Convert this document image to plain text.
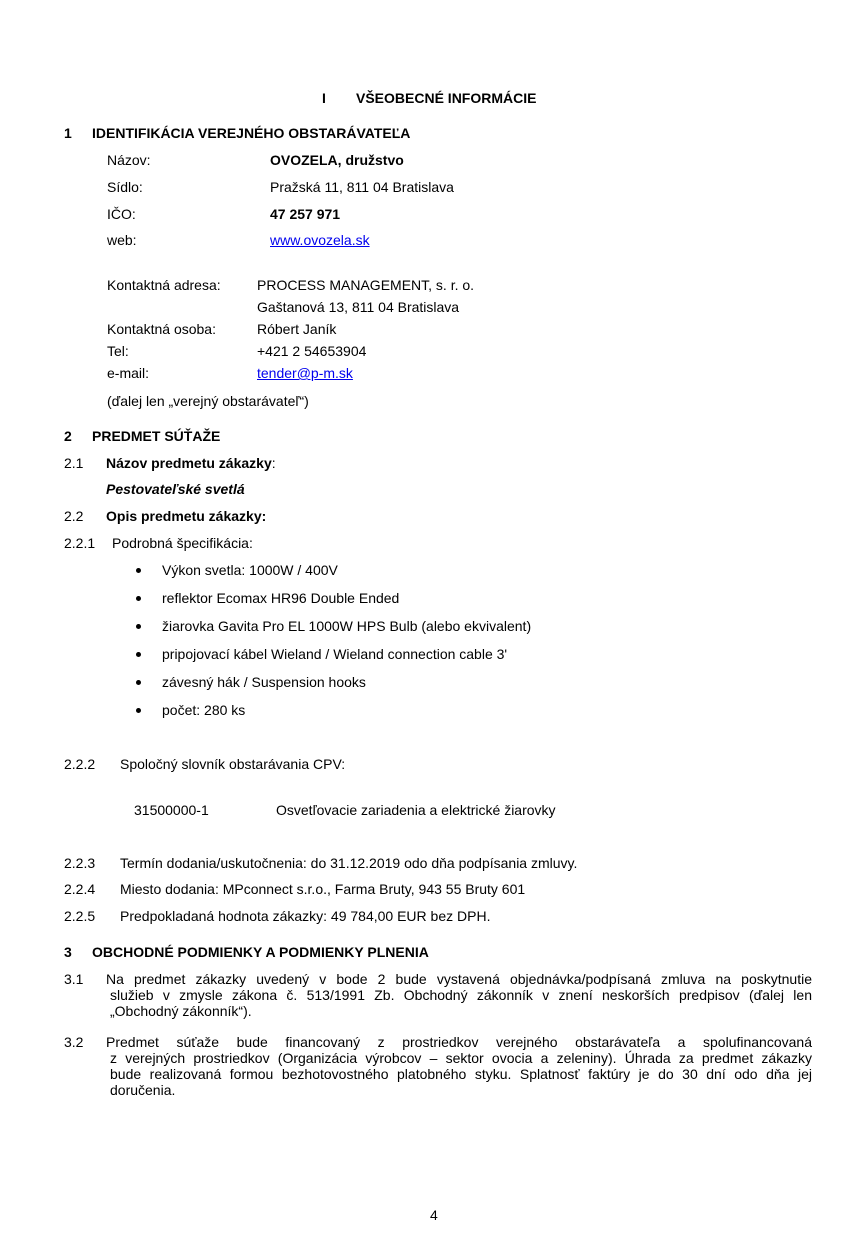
I VŠEOBECNÉ INFORMÁCIE
1 IDENTIFIKÁCIA VEREJNÉHO OBSTARÁVATEĽA
Názov:	OVOZELA, družstvo
Sídlo:	Pražská 11, 811 04 Bratislava
IČO:	47 257 971
web:	www.ovozela.sk
Kontaktná adresa:	PROCESS MANAGEMENT, s. r. o.
Gaštanová 13, 811 04 Bratislava
Kontaktná osoba:	Róbert Janík
Tel:	+421 2 54653904
e-mail:	tender@p-m.sk
(ďalej len „verejný obstarávateľ“)
2 PREDMET SÚŤAŽE
2.1 Názov predmetu zákazky:
Pestovateľské svetlá
2.2 Opis predmetu zákazky:
2.2.1 Podrobná špecifikácia:
Výkon svetla: 1000W / 400V
reflektor Ecomax HR96 Double Ended
žiarovka Gavita Pro EL 1000W HPS Bulb (alebo ekvivalent)
pripojovací kábel Wieland / Wieland connection cable 3'
závesný hák / Suspension hooks
počet: 280 ks
2.2.2 Spoločný slovník obstarávania CPV:
31500000-1	Osvetľovacie zariadenia a elektrické žiarovky
2.2.3 Termín dodania/uskutočnenia: do 31.12.2019 odo dňa podpísania zmluvy.
2.2.4 Miesto dodania: MPconnect s.r.o., Farma Bruty, 943 55 Bruty 601
2.2.5 Predpokladaná hodnota zákazky: 49 784,00 EUR bez DPH.
3 OBCHODNÉ PODMIENKY A PODMIENKY PLNENIA
3.1 Na predmet zákazky uvedený v bode 2 bude vystavená objednávka/podpísaná zmluva na poskytnutie
služieb v zmysle zákona č. 513/1991 Zb. Obchodný zákonník v znení neskorších predpisov (ďalej len
„Obchodný zákonník“).
3.2 Predmet súťaže bude financovaný z prostriedkov verejného obstarávateľa a spolufinancovaná
z verejných prostriedkov (Organizácia výrobcov – sektor ovocia a zeleniny). Úhrada za predmet zákazky
bude realizovaná formou bezhotovostného platobného styku. Splatnosť faktúry je do 30 dní odo dňa jej
doručenia.
4
